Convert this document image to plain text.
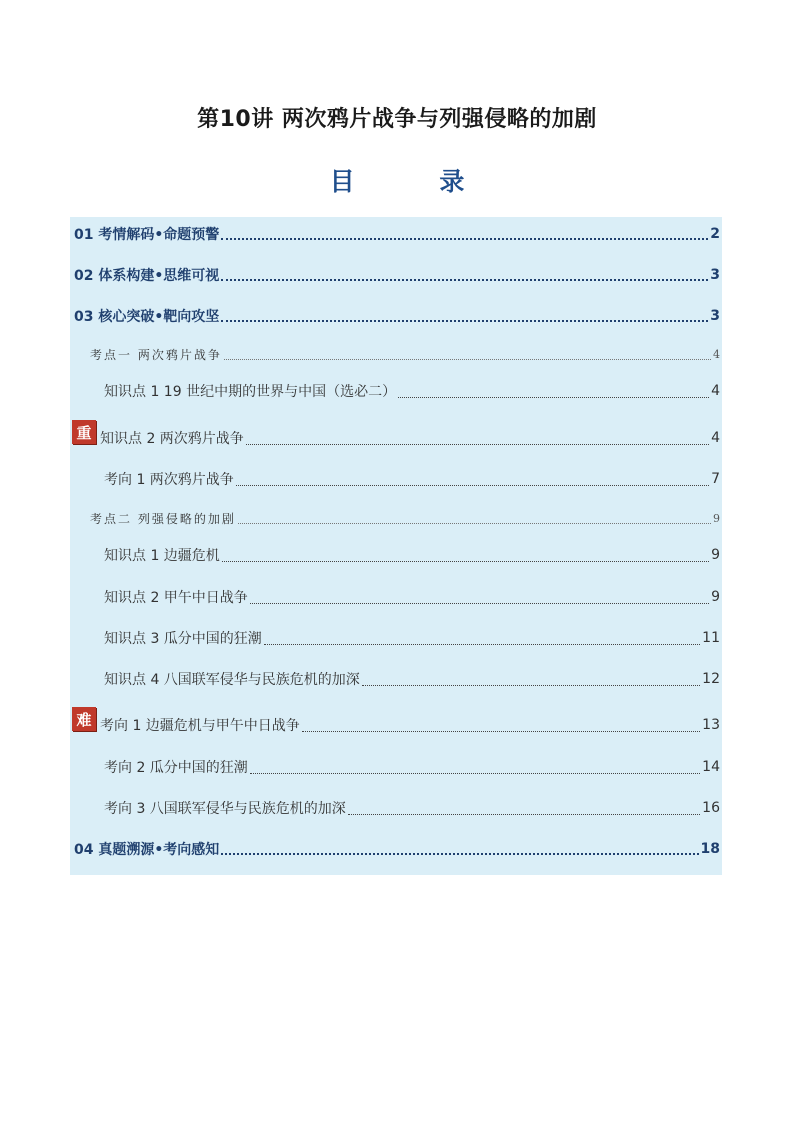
第10讲 两次鸦片战争与列强侵略的加剧
目 录
01 考情解码•命题预警	2
02 体系构建•思维可视	3
03 核心突破•靶向攻坚	3
考点一 两次鸦片战争	4
知识点 1 19 世纪中期的世界与中国（选必二）	4
重 知识点 2 两次鸦片战争	4
考向 1 两次鸦片战争	7
考点二 列强侵略的加剧	9
知识点 1 边疆危机	9
知识点 2 甲午中日战争	9
知识点 3 瓜分中国的狂潮	11
知识点 4 八国联军侵华与民族危机的加深	12
难 考向 1 边疆危机与甲午中日战争	13
考向 2 瓜分中国的狂潮	14
考向 3 八国联军侵华与民族危机的加深	16
04 真题溯源•考向感知	18
